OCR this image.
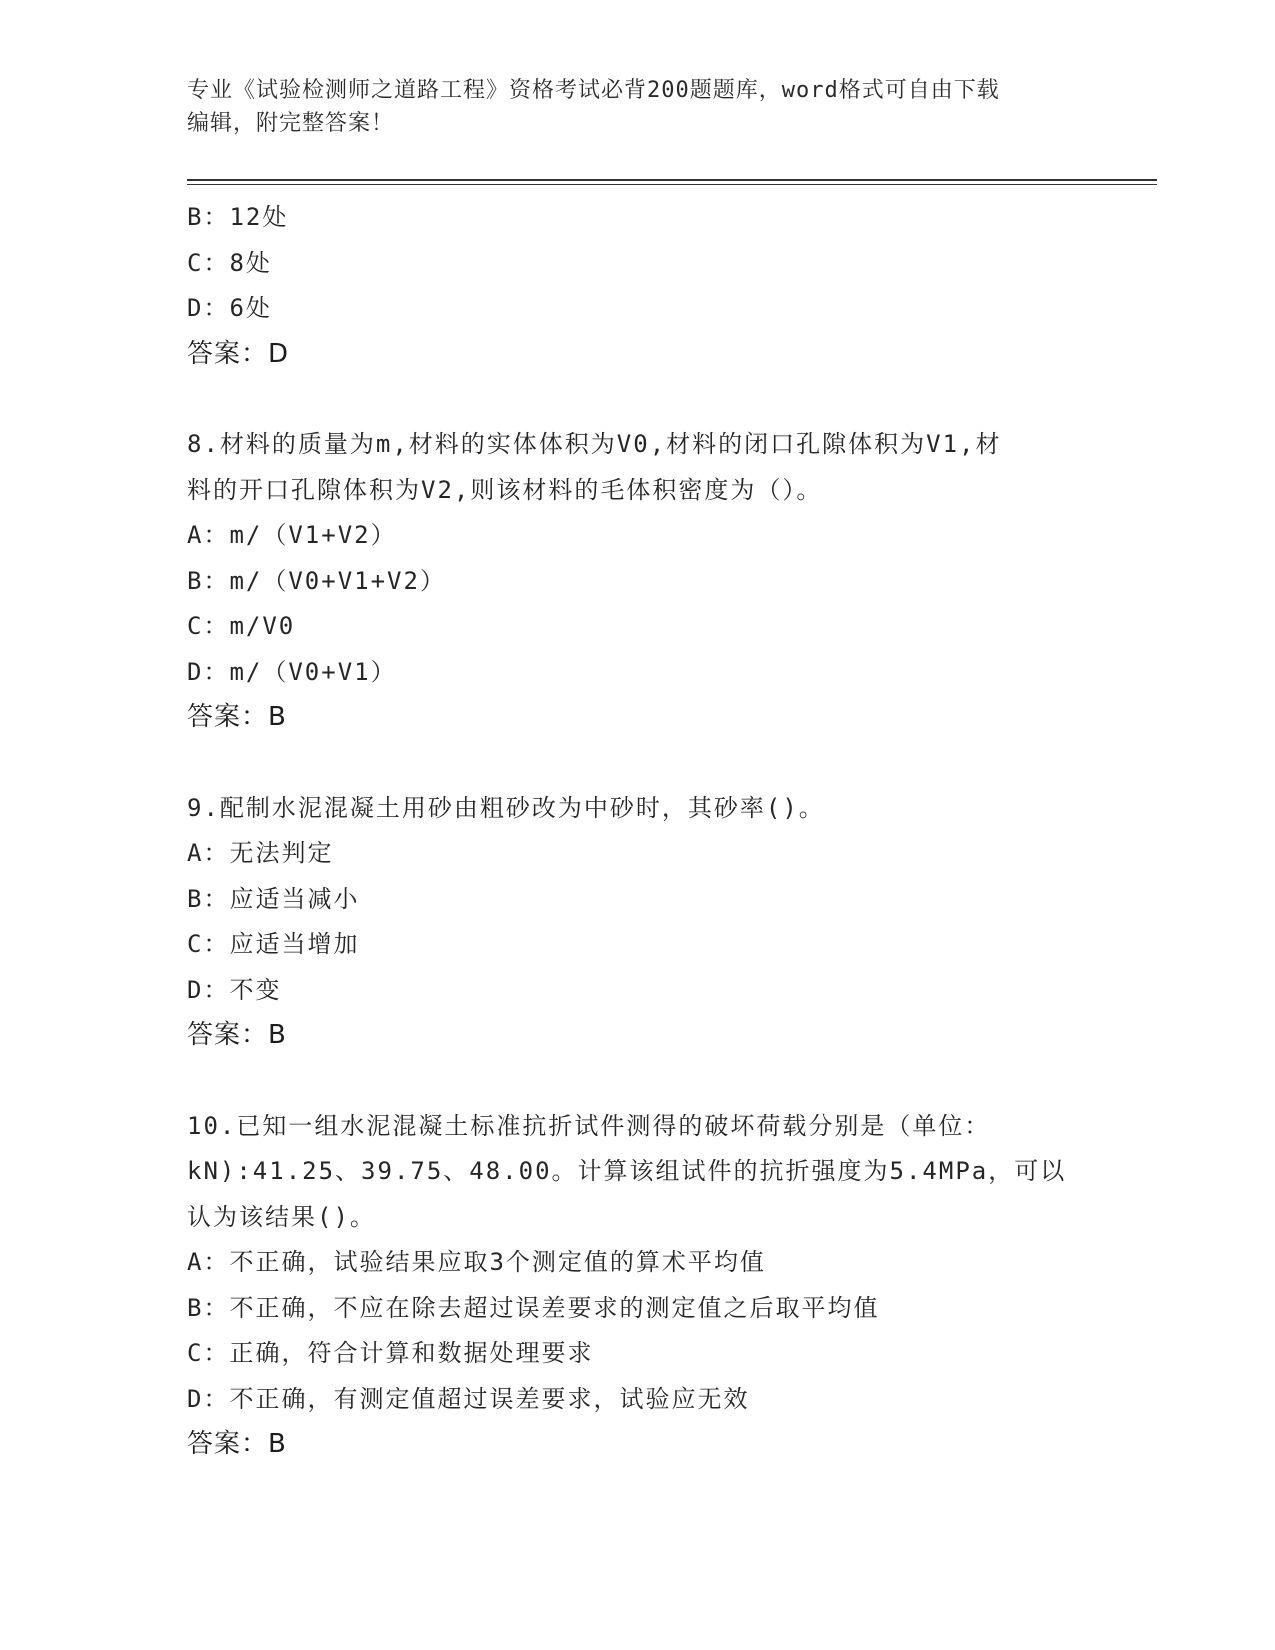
专业《试验检测师之道路工程》资格考试必背200题题库，word格式可自由下载
编辑，附完整答案！
B：12处
C：8处
D：6处
答案：D
8.材料的质量为m,材料的实体体积为V0,材料的闭口孔隙体积为V1,材
料的开口孔隙体积为V2,则该材料的毛体积密度为（）。
A：m/（V1+V2）
B：m/（V0+V1+V2）
C：m/V0
D：m/（V0+V1）
答案：B
9.配制水泥混凝土用砂由粗砂改为中砂时，其砂率()。
A：无法判定
B：应适当减小
C：应适当增加
D：不变
答案：B
10.已知一组水泥混凝土标准抗折试件测得的破坏荷载分别是（单位：
kN):41.25、39.75、48.00。计算该组试件的抗折强度为5.4MPa，可以
认为该结果()。
A：不正确，试验结果应取3个测定值的算术平均值
B：不正确，不应在除去超过误差要求的测定值之后取平均值
C：正确，符合计算和数据处理要求
D：不正确，有测定值超过误差要求，试验应无效
答案：B
